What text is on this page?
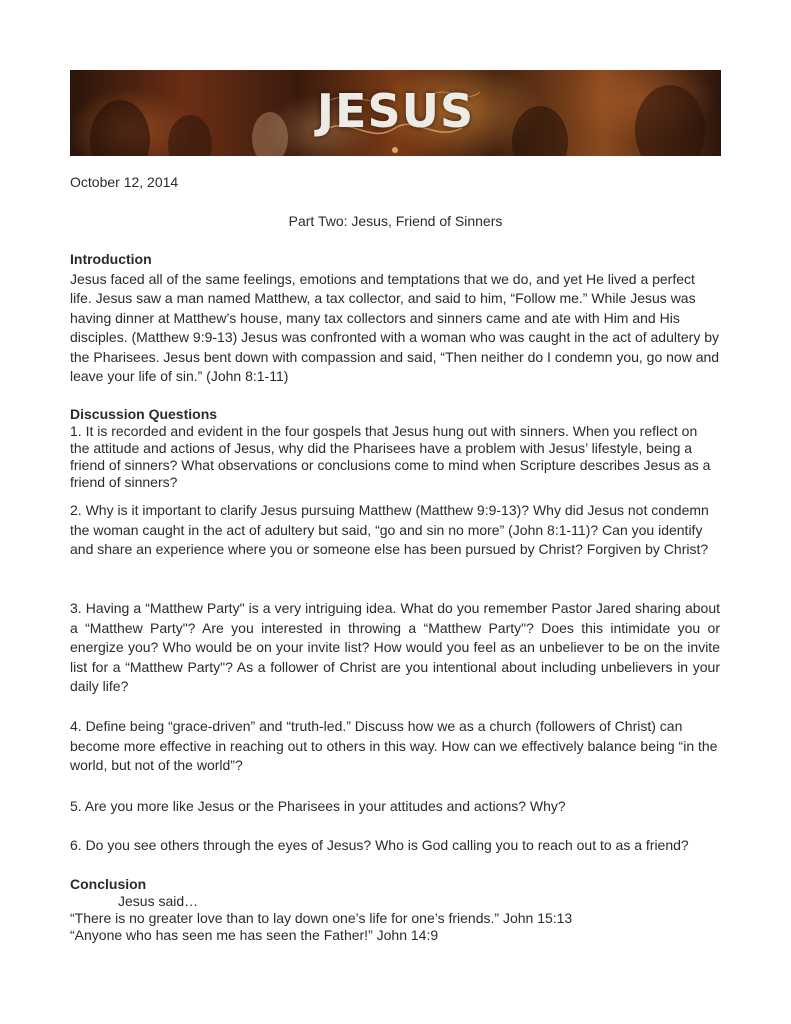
JESUS
October 12, 2014
Part Two: Jesus, Friend of Sinners
Introduction

Jesus faced all of the same feelings, emotions and temptations that we do, and yet He lived a perfect life. Jesus saw a man named Matthew, a tax collector, and said to him, “Follow me.” While Jesus was having dinner at Matthew’s house, many tax collectors and sinners came and ate with Him and His disciples. (Matthew 9:9-13) Jesus was confronted with a woman who was caught in the act of adultery by the Pharisees. Jesus bent down with compassion and said, “Then neither do I condemn you, go now and leave your life of sin.” (John 8:1-11)

Discussion Questions

1. It is recorded and evident in the four gospels that Jesus hung out with sinners. When you reflect on the attitude and actions of Jesus, why did the Pharisees have a problem with Jesus’ lifestyle, being a friend of sinners? What observations or conclusions come to mind when Scripture describes Jesus as a friend of sinners?

2. Why is it important to clarify Jesus pursuing Matthew (Matthew 9:9-13)? Why did Jesus not condemn the woman caught in the act of adultery but said, “go and sin no more” (John 8:1-11)? Can you identify and share an experience where you or someone else has been pursued by Christ? Forgiven by Christ?

3. Having a “Matthew Party" is a very intriguing idea. What do you remember Pastor Jared sharing about a “Matthew Party"? Are you interested in throwing a “Matthew Party"? Does this intimidate you or energize you? Who would be on your invite list? How would you feel as an unbeliever to be on the invite list for a “Matthew Party"? As a follower of Christ are you intentional about including unbelievers in your daily life?

4. Define being “grace-driven” and “truth-led.” Discuss how we as a church (followers of Christ) can become more effective in reaching out to others in this way. How can we effectively balance being “in the world, but not of the world”?

5. Are you more like Jesus or the Pharisees in your attitudes and actions? Why?

6. Do you see others through the eyes of Jesus? Who is God calling you to reach out to as a friend?

Conclusion
Jesus said…
“There is no greater love than to lay down one’s life for one’s friends.” John 15:13
“Anyone who has seen me has seen the Father!” John 14:9
